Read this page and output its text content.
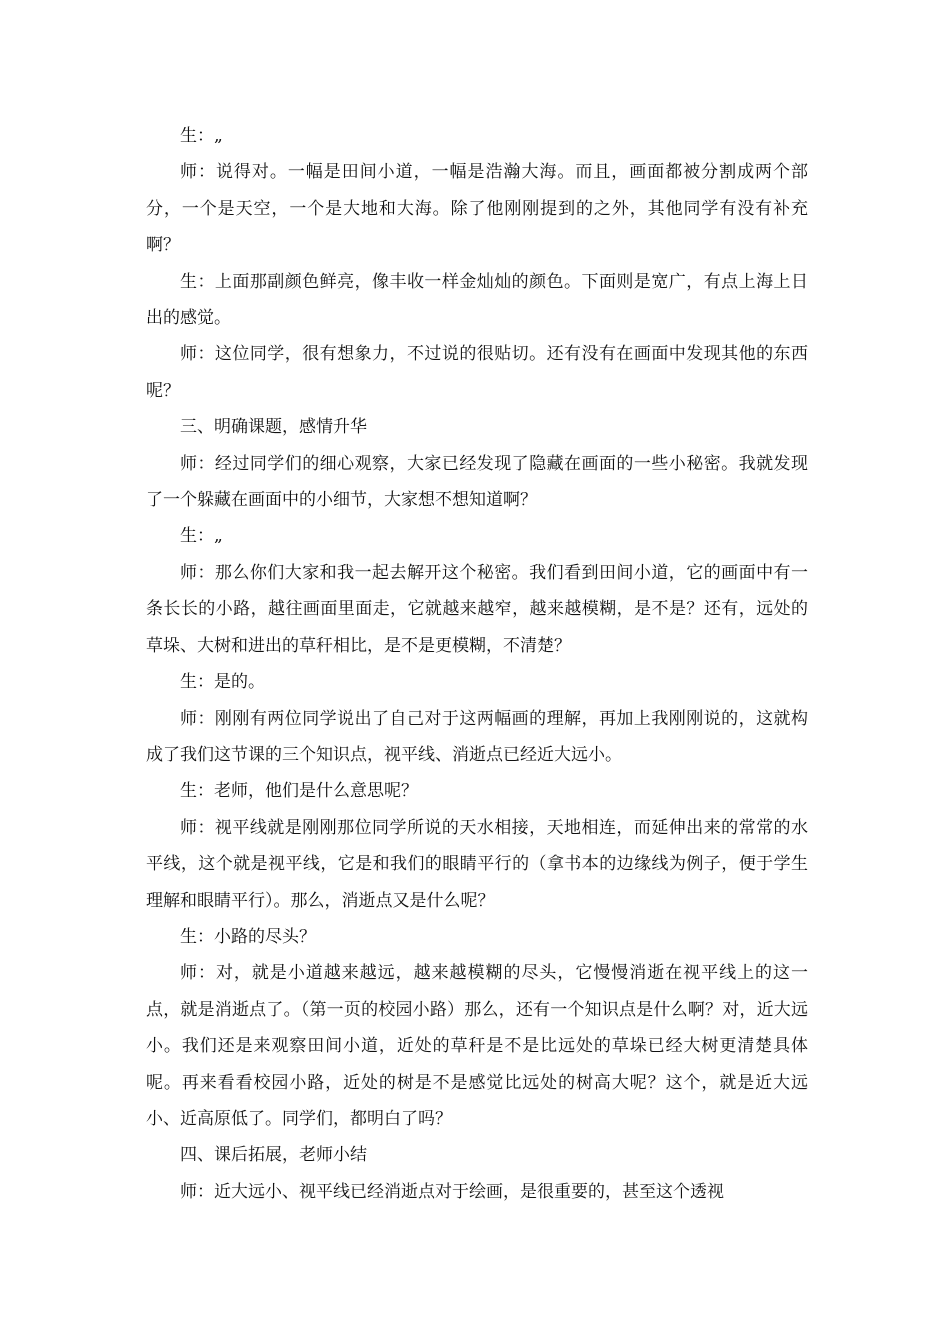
生：„

师：说得对。一幅是田间小道，一幅是浩瀚大海。而且，画面都被分割成两个部分，一个是天空，一个是大地和大海。除了他刚刚提到的之外，其他同学有没有补充啊？

生：上面那副颜色鲜亮，像丰收一样金灿灿的颜色。下面则是宽广，有点上海上日出的感觉。

师：这位同学，很有想象力，不过说的很贴切。还有没有在画面中发现其他的东西呢？

三、明确课题，感情升华

师：经过同学们的细心观察，大家已经发现了隐藏在画面的一些小秘密。我就发现了一个躲藏在画面中的小细节，大家想不想知道啊？

生：„

师：那么你们大家和我一起去解开这个秘密。我们看到田间小道，它的画面中有一条长长的小路，越往画面里面走，它就越来越窄，越来越模糊，是不是？还有，远处的草垛、大树和进出的草秆相比，是不是更模糊，不清楚？

生：是的。

师：刚刚有两位同学说出了自己对于这两幅画的理解，再加上我刚刚说的，这就构成了我们这节课的三个知识点，视平线、消逝点已经近大远小。

生：老师，他们是什么意思呢？

师：视平线就是刚刚那位同学所说的天水相接，天地相连，而延伸出来的常常的水平线，这个就是视平线，它是和我们的眼睛平行的（拿书本的边缘线为例子，便于学生理解和眼睛平行）。那么，消逝点又是什么呢？

生：小路的尽头？

师：对，就是小道越来越远，越来越模糊的尽头，它慢慢消逝在视平线上的这一点，就是消逝点了。（第一页的校园小路）那么，还有一个知识点是什么啊？对，近大远小。我们还是来观察田间小道，近处的草秆是不是比远处的草垛已经大树更清楚具体呢。再来看看校园小路，近处的树是不是感觉比远处的树高大呢？这个，就是近大远小、近高原低了。同学们，都明白了吗？

四、课后拓展，老师小结

师：近大远小、视平线已经消逝点对于绘画，是很重要的，甚至这个透视
